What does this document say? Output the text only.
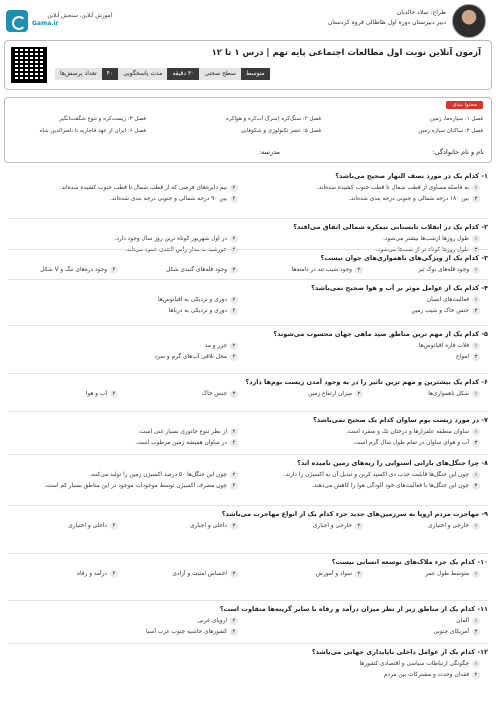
آموزش آنلاین، سنجش آنلاین
Gama.ir
طراح: سلاد خالدیان
دبیر دبیرستان دوره اول ظاظالی قروه کردستان
آزمون آنلاین نوبت اول مطالعات اجتماعی پایه نهم | درس ۱ تا ۱۲
متوسط
سطح سختی
۳۰ دقیقه
مدت پاسخگویی
۴۰
تعداد پرسش‌ها
محتوا بندی
فصل ۱: سیاره‌ما، زمین
فصل ۲: سنگ‌کره (سرگ آب‌کره و هواکره
فصل ۳: زیست‌کره و تنوع شگفت‌انگیز
فصل ۴: ساکنان سیاره زمین
فصل ۵: عصر تکنولوژی و شکوفایی
فصل ۶: ایران از عهد قاجاریه تا ناصرالدین شاه
نام و نام خانوادگی:
مدرسه:
۱- کدام یک در مورد نصف النهار صحیح می‌باشد؟
۱به فاصله مساوی از قطب شمال تا قطب جنوب کشیده شده‌اند.
۲نیم دایره‌های فرضی که از قطب شمال تا قطب جنوب کشیده شده‌اند.
۳بین ۱۸۰ درجه شمالی و جنوبی درجه بندی شده‌اند.
۴بین ۹۰ درجه شمالی و جنوبی درجه بندی شده‌اند.
۲- کدام یک در انقلاب تابستانی نیمکره شمالی اتفاق می‌افتد؟
۱طول روزها ازشب‌ها بیشتر می‌شود.
۲در اول شهریور کوتاه ترین روز سال وجود دارد.
۳طول روزها کوتاه تر از شب‌ها می‌شود.
۴خورشید به مدار رأس الجدی عمود می‌تابد.
۳- کدام یک از ویژگی‌های ناهمواری‌های جوان نیست؟
۱وجود قله‌های نوک تیز
۲وجود شیب تند در دامنه‌ها
۳وجود قله‌های گنبدی شکل
۴وجود دره‌های تنگ و V شکل
۴- کدام یک از عوامل موثر بر آب و هوا صحیح نمی‌باشد؟
۱فعالیت‌های انسان
۲دوری و نزدیکی به اقیانوس‌ها
۳جنس خاک و شیب زمین
۴دوری و نزدیکی به دریاها
۵- کدام یک از مهم ترین مناطق صید ماهی جهان محسوب می‌شوند؟
۱فلات قاره اقیانوس‌ها
۲جزر و مد
۳امواج
۴محل تلاقی آب‌های گرم و سرد
۶- کدام یک بیشترین و مهم ترین تاثیر را در به وجود آمدن زیست بوم‌ها دارد؟
۱شکل ناهمواری‌ها
۲میزان ارتفاع زمین
۳جنس خاک
۴آب و هوا
۷- در مورد زیست بوم ساوان کدام یک صحیح نمی‌باشد؟
۱ساوان منطقه علفزارها و درختان تک و منفرد است.
۲از نظر تنوع جانوری بسیار غنی است.
۳آب و هوای ساوان در تمام طول سال گرم است.
۴در ساوان همیشه زمین مرطوب است.
۸- چرا جنگل‌های بارانی استوایی را ریه‌های زمین نامیده اند؟
۱چون این جنگل‌ها قابلیت جذب دی اکسید کربن و تبدیل آن به اکسیژن را دارند.
۲چون این جنگل‌ها ۵۰ درصد اکسیژن زمین را تولید می‌کنند.
۳چون این جنگل‌ها با فعالیت‌های خود آلودگی هوا را کاهش می‌دهند.
۴چون مصرف اکسیژن توسط موجودات موجود در این مناطق بسیار کم است.
۹- مهاجرت مردم اروپا به سرزمین‌های جدید جزء کدام یک از انواع مهاجرت می‌باشد؟
۱خارجی و اختیاری
۲خارجی و اجباری
۳داخلی و اجباری
۴داخلی و اختیاری
۱۰- کدام یک جزء ملاک‌های توسعه انسانی نیست؟
۱متوسط طول عمر
۲سواد و آموزش
۳احساس امنیت و آزادی
۴درآمد و رفاه
۱۱- کدام یک از مناطق زیر از نظر میزان درآمد و رفاه با سایر گزینه‌ها متفاوت است؟
۱آلمان
۲اروپای غربی
۳آمریکای جنوبی
۴کشورهای حاشیه جنوب غرب آسیا
۱۲- کدام یک از عوامل داخلی ناپایداری جهانی می‌باشد؟
۱چگونگی ارتباطات سیاسی و اقتصادی کشورها
۲فقدان وحدت و مشترکات بین مردم
